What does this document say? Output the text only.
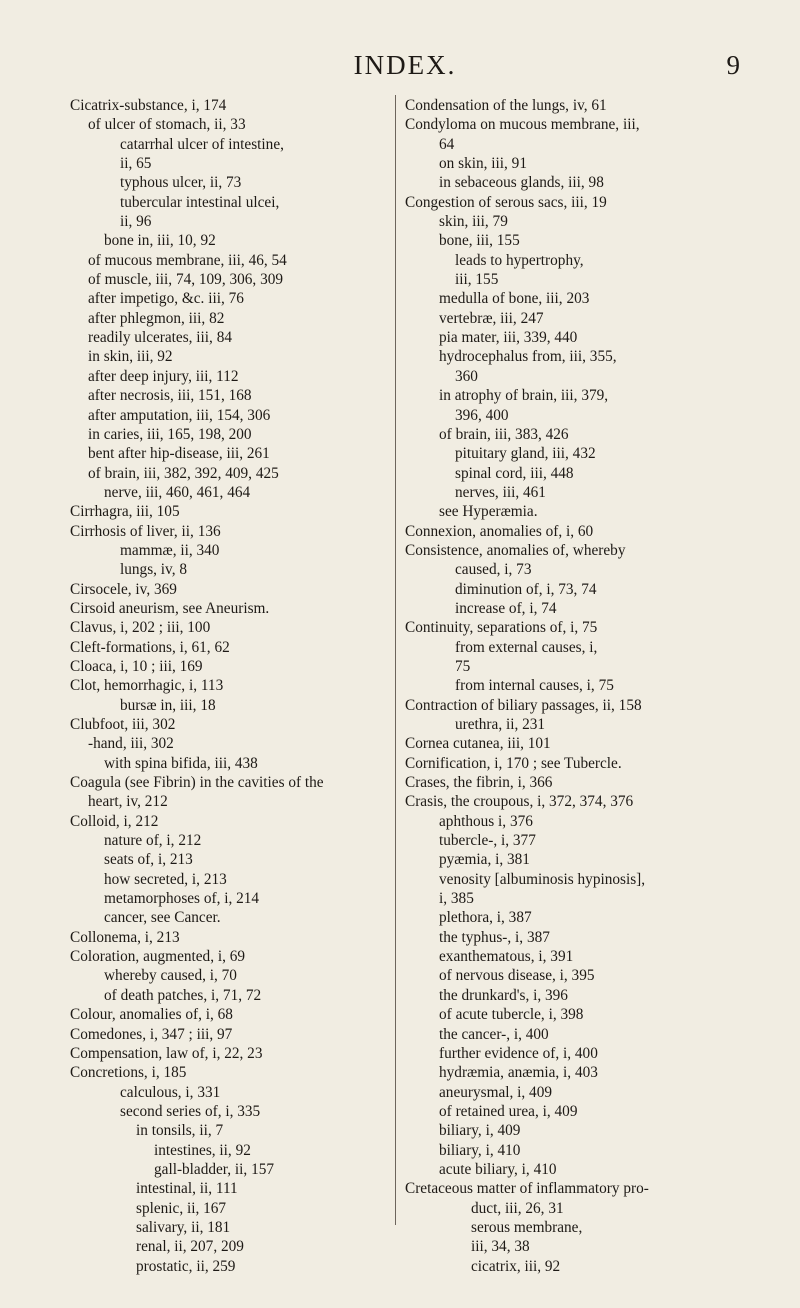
INDEX.	9
Cicatrix-substance, i, 174
of ulcer of stomach, ii, 33
catarrhal ulcer of intestine,
ii, 65
typhous ulcer, ii, 73
tubercular intestinal ulcei,
ii, 96
bone in, iii, 10, 92
of mucous membrane, iii, 46, 54
of muscle, iii, 74, 109, 306, 309
after impetigo, &c. iii, 76
after phlegmon, iii, 82
readily ulcerates, iii, 84
in skin, iii, 92
after deep injury, iii, 112
after necrosis, iii, 151, 168
after amputation, iii, 154, 306
in caries, iii, 165, 198, 200
bent after hip-disease, iii, 261
of brain, iii, 382, 392, 409, 425
nerve, iii, 460, 461, 464
Cirrhagra, iii, 105
Cirrhosis of liver, ii, 136
mammæ, ii, 340
lungs, iv, 8
Cirsocele, iv, 369
Cirsoid aneurism, see Aneurism.
Clavus, i, 202 ; iii, 100
Cleft-formations, i, 61, 62
Cloaca, i, 10 ; iii, 169
Clot, hemorrhagic, i, 113
bursæ in, iii, 18
Clubfoot, iii, 302
-hand, iii, 302
with spina bifida, iii, 438
Coagula (see Fibrin) in the cavities of the
heart, iv, 212
Colloid, i, 212
nature of, i, 212
seats of, i, 213
how secreted, i, 213
metamorphoses of, i, 214
cancer, see Cancer.
Collonema, i, 213
Coloration, augmented, i, 69
whereby caused, i, 70
of death patches, i, 71, 72
Colour, anomalies of, i, 68
Comedones, i, 347 ; iii, 97
Compensation, law of, i, 22, 23
Concretions, i, 185
calculous, i, 331
second series of, i, 335
in tonsils, ii, 7
intestines, ii, 92
gall-bladder, ii, 157
intestinal, ii, 111
splenic, ii, 167
salivary, ii, 181
renal, ii, 207, 209
prostatic, ii, 259
Condensation of the lungs, iv, 61
Condyloma on mucous membrane, iii,
64
on skin, iii, 91
in sebaceous glands, iii, 98
Congestion of serous sacs, iii, 19
skin, iii, 79
bone, iii, 155
leads to hypertrophy,
iii, 155
medulla of bone, iii, 203
vertebræ, iii, 247
pia mater, iii, 339, 440
hydrocephalus from, iii, 355,
360
in atrophy of brain, iii, 379,
396, 400
of brain, iii, 383, 426
pituitary gland, iii, 432
spinal cord, iii, 448
nerves, iii, 461
see Hyperæmia.
Connexion, anomalies of, i, 60
Consistence, anomalies of, whereby
caused, i, 73
diminution of, i, 73, 74
increase of, i, 74
Continuity, separations of, i, 75
from external causes, i,
75
from internal causes, i, 75
Contraction of biliary passages, ii, 158
urethra, ii, 231
Cornea cutanea, iii, 101
Cornification, i, 170 ; see Tubercle.
Crases, the fibrin, i, 366
Crasis, the croupous, i, 372, 374, 376
aphthous i, 376
tubercle-, i, 377
pyæmia, i, 381
venosity [albuminosis hypinosis],
i, 385
plethora, i, 387
the typhus-, i, 387
exanthematous, i, 391
of nervous disease, i, 395
the drunkard's, i, 396
of acute tubercle, i, 398
the cancer-, i, 400
further evidence of, i, 400
hydræmia, anæmia, i, 403
aneurysmal, i, 409
of retained urea, i, 409
biliary, i, 409
biliary, i, 410
acute biliary, i, 410
Cretaceous matter of inflammatory pro-
duct, iii, 26, 31
serous membrane,
iii, 34, 38
cicatrix, iii, 92
